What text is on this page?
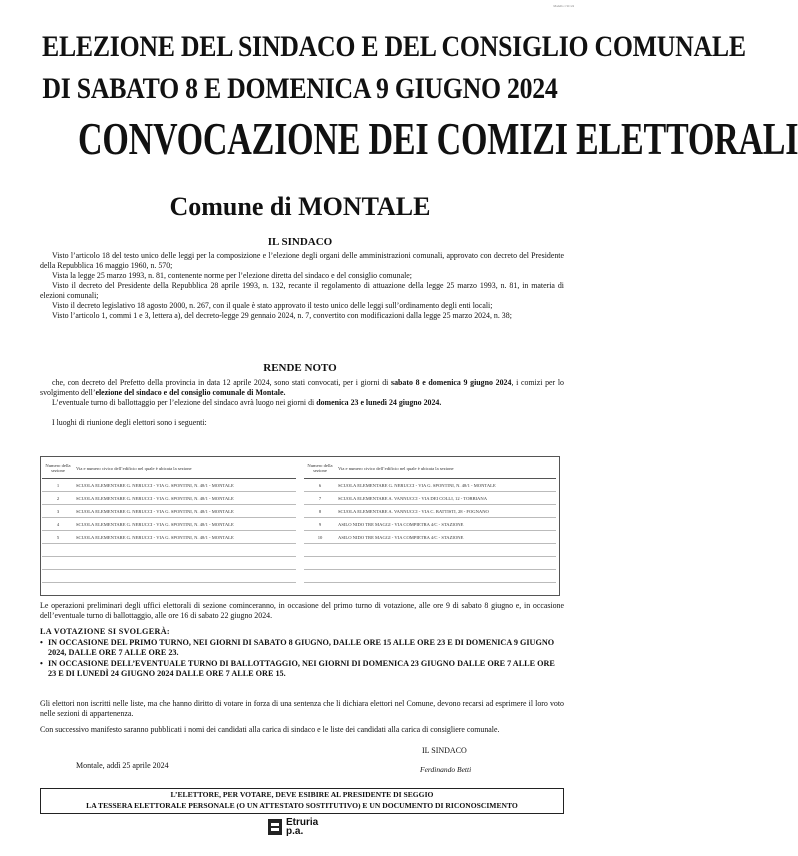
Modello 1 SC/24
ELEZIONE DEL SINDACO E DEL CONSIGLIO COMUNALE
DI SABATO 8 E DOMENICA 9 GIUGNO 2024
CONVOCAZIONE DEI COMIZI ELETTORALI
Comune di MONTALE
IL SINDACO

Visto l’articolo 18 del testo unico delle leggi per la composizione e l’elezione degli organi delle amministrazioni comunali, approvato con decreto del Presidente della Repubblica 16 maggio 1960, n. 570;

Vista la legge 25 marzo 1993, n. 81, contenente norme per l’elezione diretta del sindaco e del consiglio comunale;

Visto il decreto del Presidente della Repubblica 28 aprile 1993, n. 132, recante il regolamento di attuazione della legge 25 marzo 1993, n. 81, in materia di elezioni comunali;

Visto il decreto legislativo 18 agosto 2000, n. 267, con il quale è stato approvato il testo unico delle leggi sull’ordinamento degli enti locali;

Visto l’articolo 1, commi 1 e 3, lettera a), del decreto-legge 29 gennaio 2024, n. 7, convertito con modificazioni dalla legge 25 marzo 2024, n. 38;

RENDE NOTO

che, con decreto del Prefetto della provincia in data 12 aprile 2024, sono stati convocati, per i giorni di sabato 8 e domenica 9 giugno 2024, i comizi per lo svolgimento dell’elezione del sindaco e del consiglio comunale di Montale.

L’eventuale turno di ballottaggio per l’elezione del sindaco avrà luogo nei giorni di domenica 23 e lunedì 24 giugno 2024.

I luoghi di riunione degli elettori sono i seguenti:

Numero della sezione	Via e numero civico dell’edificio nel quale è ubicata la sezione
1	SCUOLA ELEMENTARE G. NERUCCI - VIA G. SPONTINI, N. 48/1 - MONTALE
2	SCUOLA ELEMENTARE G. NERUCCI - VIA G. SPONTINI, N. 48/1 - MONTALE
3	SCUOLA ELEMENTARE G. NERUCCI - VIA G. SPONTINI, N. 48/1 - MONTALE
4	SCUOLA ELEMENTARE G. NERUCCI - VIA G. SPONTINI, N. 48/1 - MONTALE
5	SCUOLA ELEMENTARE G. NERUCCI - VIA G. SPONTINI, N. 48/1 - MONTALE

Numero della sezione	Via e numero civico dell’edificio nel quale è ubicata la sezione
6	SCUOLA ELEMENTARE G. NERUCCI - VIA G. SPONTINI, N. 48/1 - MONTALE
7	SCUOLA ELEMENTARE A. VANNUCCI - VIA DEI COLLI, 12 - TOBBIANA
8	SCUOLA ELEMENTARE A. VANNUCCI - VIA C. BATTISTI, 28 - FOGNANO
9	ASILO NIDO TRE MAGGI - VIA COMPIETRA 4/C - STAZIONE
10	ASILO NIDO TRE MAGGI - VIA COMPIETRA 4/C - STAZIONE

Le operazioni preliminari degli uffici elettorali di sezione cominceranno, in occasione del primo turno di votazione, alle ore 9 di sabato 8 giugno e, in occasione dell’eventuale turno di ballottaggio, alle ore 16 di sabato 22 giugno 2024.

LA VOTAZIONE SI SVOLGERÀ:
• IN OCCASIONE DEL PRIMO TURNO, NEI GIORNI DI SABATO 8 GIUGNO, DALLE ORE 15 ALLE ORE 23 E DI DOMENICA 9 GIUGNO 2024, DALLE ORE 7 ALLE ORE 23.
• IN OCCASIONE DELL’EVENTUALE TURNO DI BALLOTTAGGIO, NEI GIORNI DI DOMENICA 23 GIUGNO DALLE ORE 7 ALLE ORE 23 E DI LUNEDÌ 24 GIUGNO 2024 DALLE ORE 7 ALLE ORE 15.

Gli elettori non iscritti nelle liste, ma che hanno diritto di votare in forza di una sentenza che li dichiara elettori nel Comune, devono recarsi ad esprimere il loro voto nelle sezioni di appartenenza.

Con successivo manifesto saranno pubblicati i nomi dei candidati alla carica di sindaco e le liste dei candidati alla carica di consigliere comunale.

IL SINDACO
Montale, addì 25 aprile 2024	Ferdinando Betti
L’ELETTORE, PER VOTARE, DEVE ESIBIRE AL PRESIDENTE DI SEGGIO
LA TESSERA ELETTORALE PERSONALE (O UN ATTESTATO SOSTITUTIVO) E UN DOCUMENTO DI RICONOSCIMENTO
Etruria
p.a.
